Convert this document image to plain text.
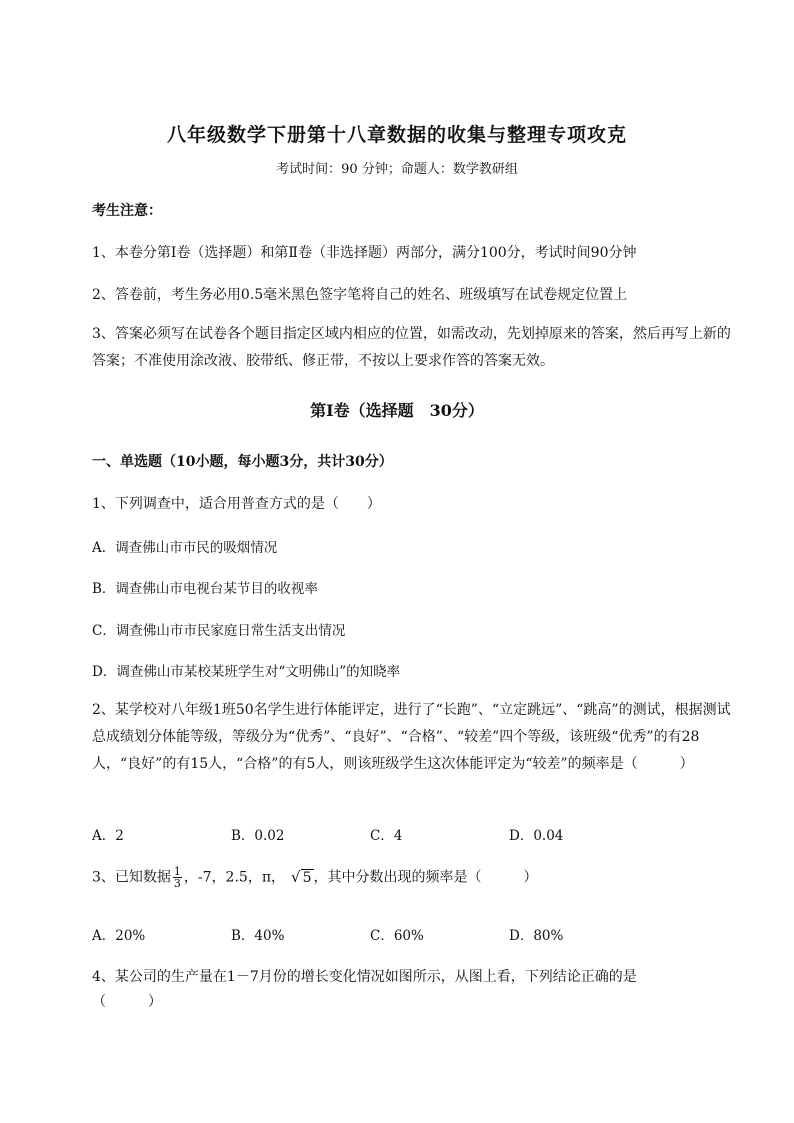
八年级数学下册第十八章数据的收集与整理专项攻克
考试时间：90 分钟；命题人：数学教研组
考生注意：
1、本卷分第Ⅰ卷（选择题）和第Ⅱ卷（非选择题）两部分，满分100分，考试时间90分钟
2、答卷前，考生务必用0.5毫米黑色签字笔将自己的姓名、班级填写在试卷规定位置上
3、答案必须写在试卷各个题目指定区域内相应的位置，如需改动，先划掉原来的答案，然后再写上新的答案；不准使用涂改液、胶带纸、修正带，不按以上要求作答的答案无效。
第Ⅰ卷（选择题　30分）
一、单选题（10小题，每小题3分，共计30分）
1、下列调查中，适合用普查方式的是（　　）
A．调查佛山市市民的吸烟情况
B．调查佛山市电视台某节目的收视率
C．调查佛山市市民家庭日常生活支出情况
D．调查佛山市某校某班学生对“文明佛山”的知晓率
2、某学校对八年级1班50名学生进行体能评定，进行了“长跑”、“立定跳远”、“跳高”的测试，根据测试总成绩划分体能等级，等级分为“优秀”、“良好”、“合格”、“较差”四个等级，该班级“优秀”的有28人，“良好”的有15人，“合格”的有5人，则该班级学生这次体能评定为“较差”的频率是（　　　）
A．2	B．0.02	C．4	D．0.04
3、已知数据 $\frac{1}{3}$ ，-7，2.5，π， √ 5 ，其中分数出现的频率是（　　　）
A．20%	B．40%	C．60%	D．80%
4、某公司的生产量在1－7月份的增长变化情况如图所示，从图上看，下列结论正确的是
（　　　）
